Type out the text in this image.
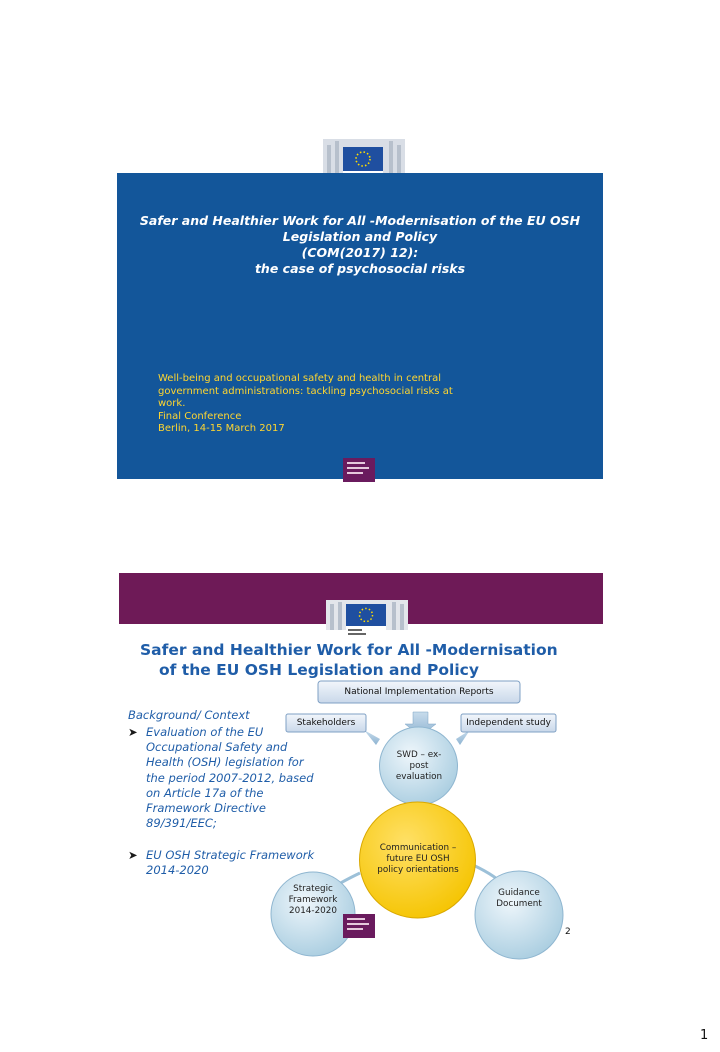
Safer and Healthier Work for All -Modernisation of the EU OSH
Legislation and Policy
(COM(2017) 12):
the case of psychosocial risks
Well-being and occupational safety and health in central
government administrations: tackling psychosocial risks at
work.
Final Conference
Berlin, 14-15 March 2017
Safer and Healthier Work for All -Modernisation
of the EU OSH Legislation and Policy
Background/ Context
➤ Evaluation of the EU
Occupational Safety and
Health (OSH) legislation for
the period 2007-2012, based
on Article 17a of the
Framework Directive
89/391/EEC;
➤ EU OSH Strategic Framework
2014-2020
National Implementation Reports
Stakeholders	Independent study
SWD – ex-
post
evaluation
Communication –
future EU OSH
policy orientations
Strategic
Framework
2014-2020
Guidance
Document
2
1
